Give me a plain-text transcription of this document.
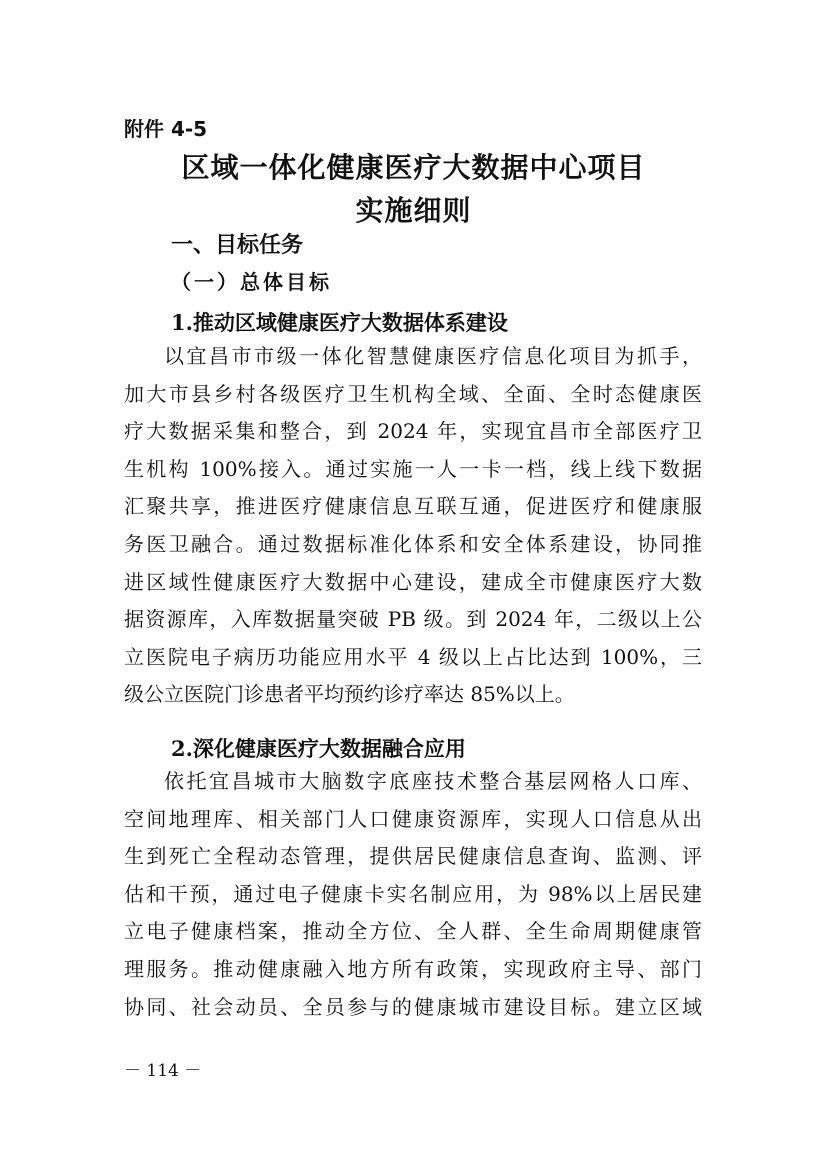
附件 4-5
区域一体化健康医疗大数据中心项目
实施细则
一、目标任务
（一）总体目标
1.推动区域健康医疗大数据体系建设
以宜昌市市级一体化智慧健康医疗信息化项目为抓手，
加大市县乡村各级医疗卫生机构全域、全面、全时态健康医
疗大数据采集和整合，到 2024 年，实现宜昌市全部医疗卫
生机构 100%接入。通过实施一人一卡一档，线上线下数据
汇聚共享，推进医疗健康信息互联互通，促进医疗和健康服
务医卫融合。通过数据标准化体系和安全体系建设，协同推
进区域性健康医疗大数据中心建设，建成全市健康医疗大数
据资源库，入库数据量突破 PB 级。到 2024 年，二级以上公
立医院电子病历功能应用水平 4 级以上占比达到 100%，三
级公立医院门诊患者平均预约诊疗率达 85%以上。
2.深化健康医疗大数据融合应用
依托宜昌城市大脑数字底座技术整合基层网格人口库、
空间地理库、相关部门人口健康资源库，实现人口信息从出
生到死亡全程动态管理，提供居民健康信息查询、监测、评
估和干预，通过电子健康卡实名制应用，为 98%以上居民建
立电子健康档案，推动全方位、全人群、全生命周期健康管
理服务。推动健康融入地方所有政策，实现政府主导、部门
协同、社会动员、全员参与的健康城市建设目标。建立区域
－ 114 －
